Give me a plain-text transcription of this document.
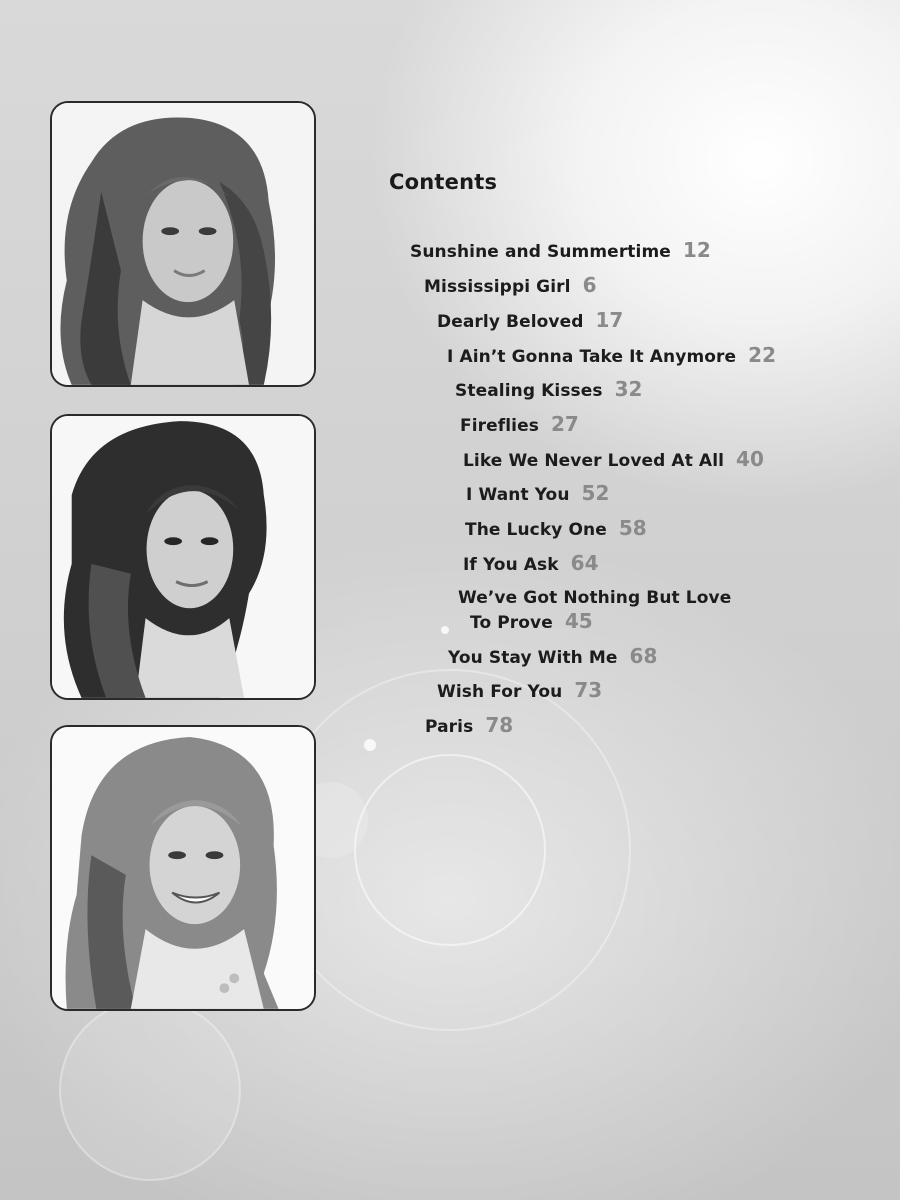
Contents
Sunshine and Summertime 12
Mississippi Girl 6
Dearly Beloved 17
I Ain’t Gonna Take It Anymore 22
Stealing Kisses 32
Fireflies 27
Like We Never Loved At All 40
I Want You 52
The Lucky One 58
If You Ask 64
We’ve Got Nothing But Love
To Prove 45
You Stay With Me 68
Wish For You 73
Paris 78
